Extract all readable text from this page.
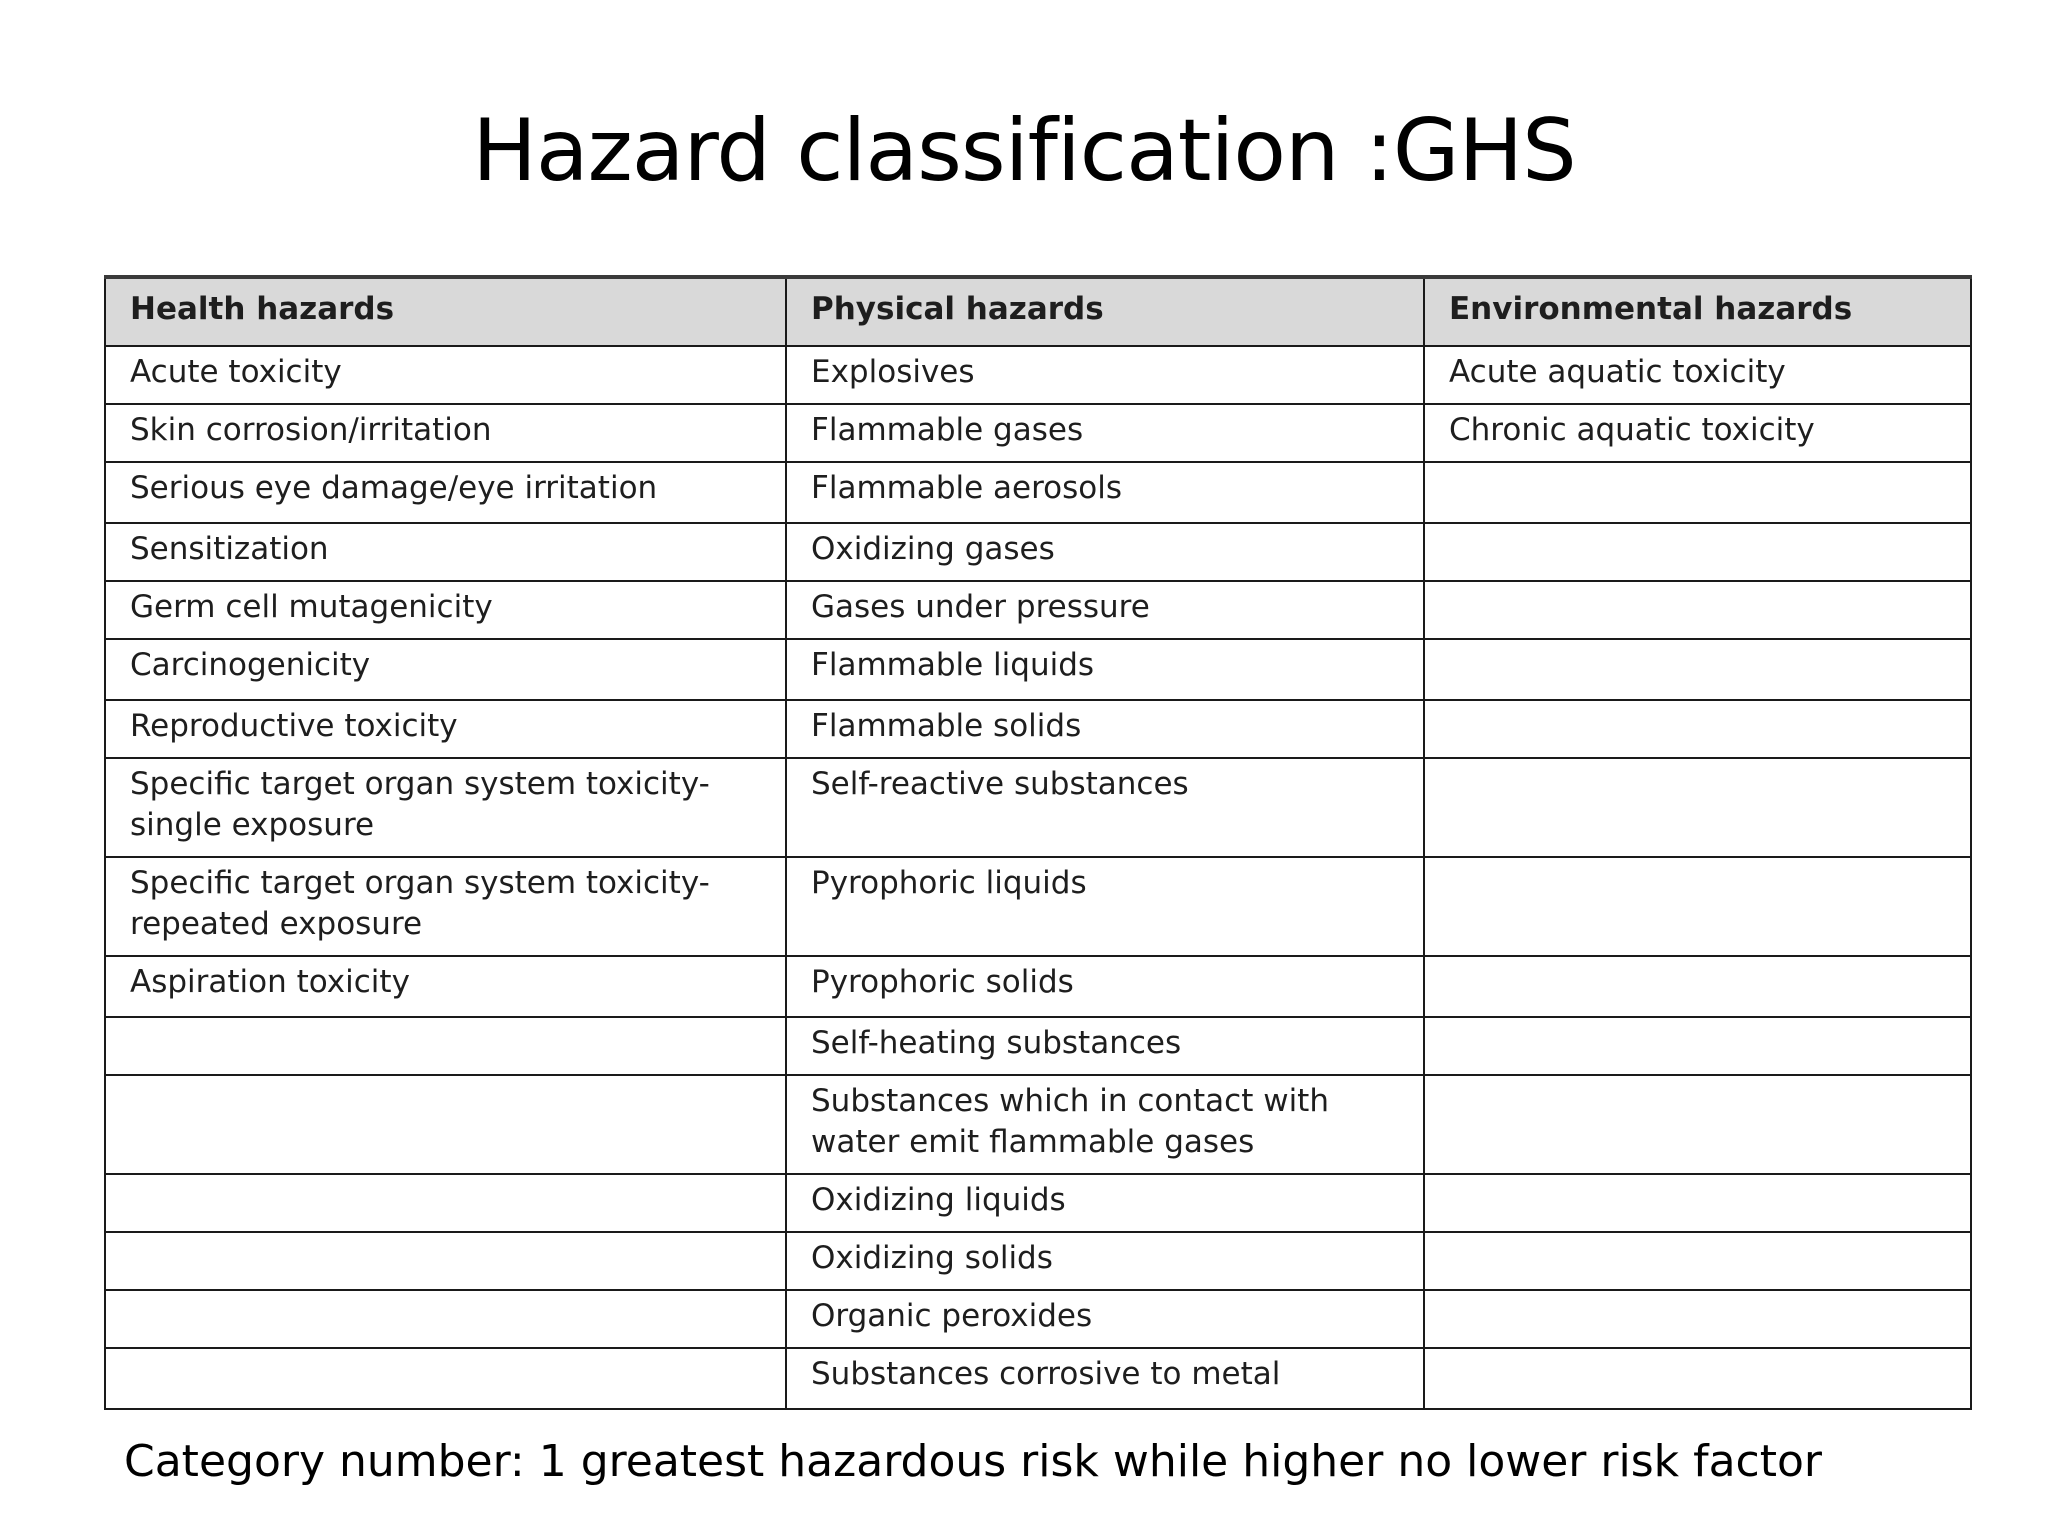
Hazard classification :GHS
Health hazards	Physical hazards	Environmental hazards
Acute toxicity	Explosives	Acute aquatic toxicity
Skin corrosion/irritation	Flammable gases	Chronic aquatic toxicity
Serious eye damage/eye irritation	Flammable aerosols	
Sensitization	Oxidizing gases	
Germ cell mutagenicity	Gases under pressure	
Carcinogenicity	Flammable liquids	
Reproductive toxicity	Flammable solids	
Specific target organ system toxicity-single exposure	Self-reactive substances	
Specific target organ system toxicity-repeated exposure	Pyrophoric liquids	
Aspiration toxicity	Pyrophoric solids	
	Self-heating substances	
	Substances which in contact with water emit flammable gases	
	Oxidizing liquids	
	Oxidizing solids	
	Organic peroxides	
	Substances corrosive to metal	
Category number: 1 greatest hazardous risk while higher no lower risk factor
